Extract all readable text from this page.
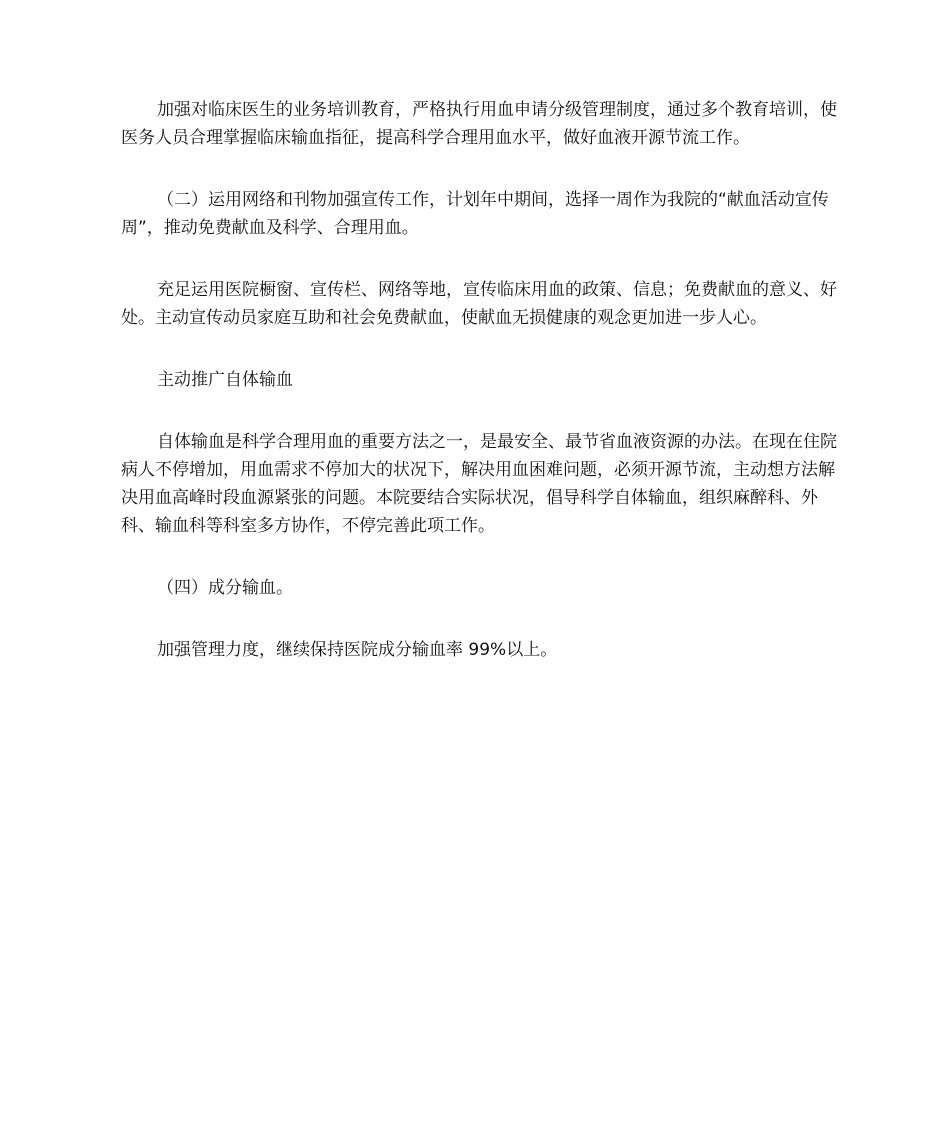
加强对临床医生的业务培训教育，严格执行用血申请分级管理制度，通过多个教育培训，使医务人员合理掌握临床输血指征，提高科学合理用血水平，做好血液开源节流工作。

（二）运用网络和刊物加强宣传工作，计划年中期间，选择一周作为我院的“献血活动宣传周”，推动免费献血及科学、合理用血。

充足运用医院橱窗、宣传栏、网络等地，宣传临床用血的政策、信息；免费献血的意义、好处。主动宣传动员家庭互助和社会免费献血，使献血无损健康的观念更加进一步人心。

主动推广自体输血

自体输血是科学合理用血的重要方法之一，是最安全、最节省血液资源的办法。在现在住院病人不停增加，用血需求不停加大的状况下，解决用血困难问题，必须开源节流，主动想方法解决用血高峰时段血源紧张的问题。本院要结合实际状况，倡导科学自体输血，组织麻醉科、外科、输血科等科室多方协作，不停完善此项工作。

（四）成分输血。

加强管理力度，继续保持医院成分输血率 99%以上。
